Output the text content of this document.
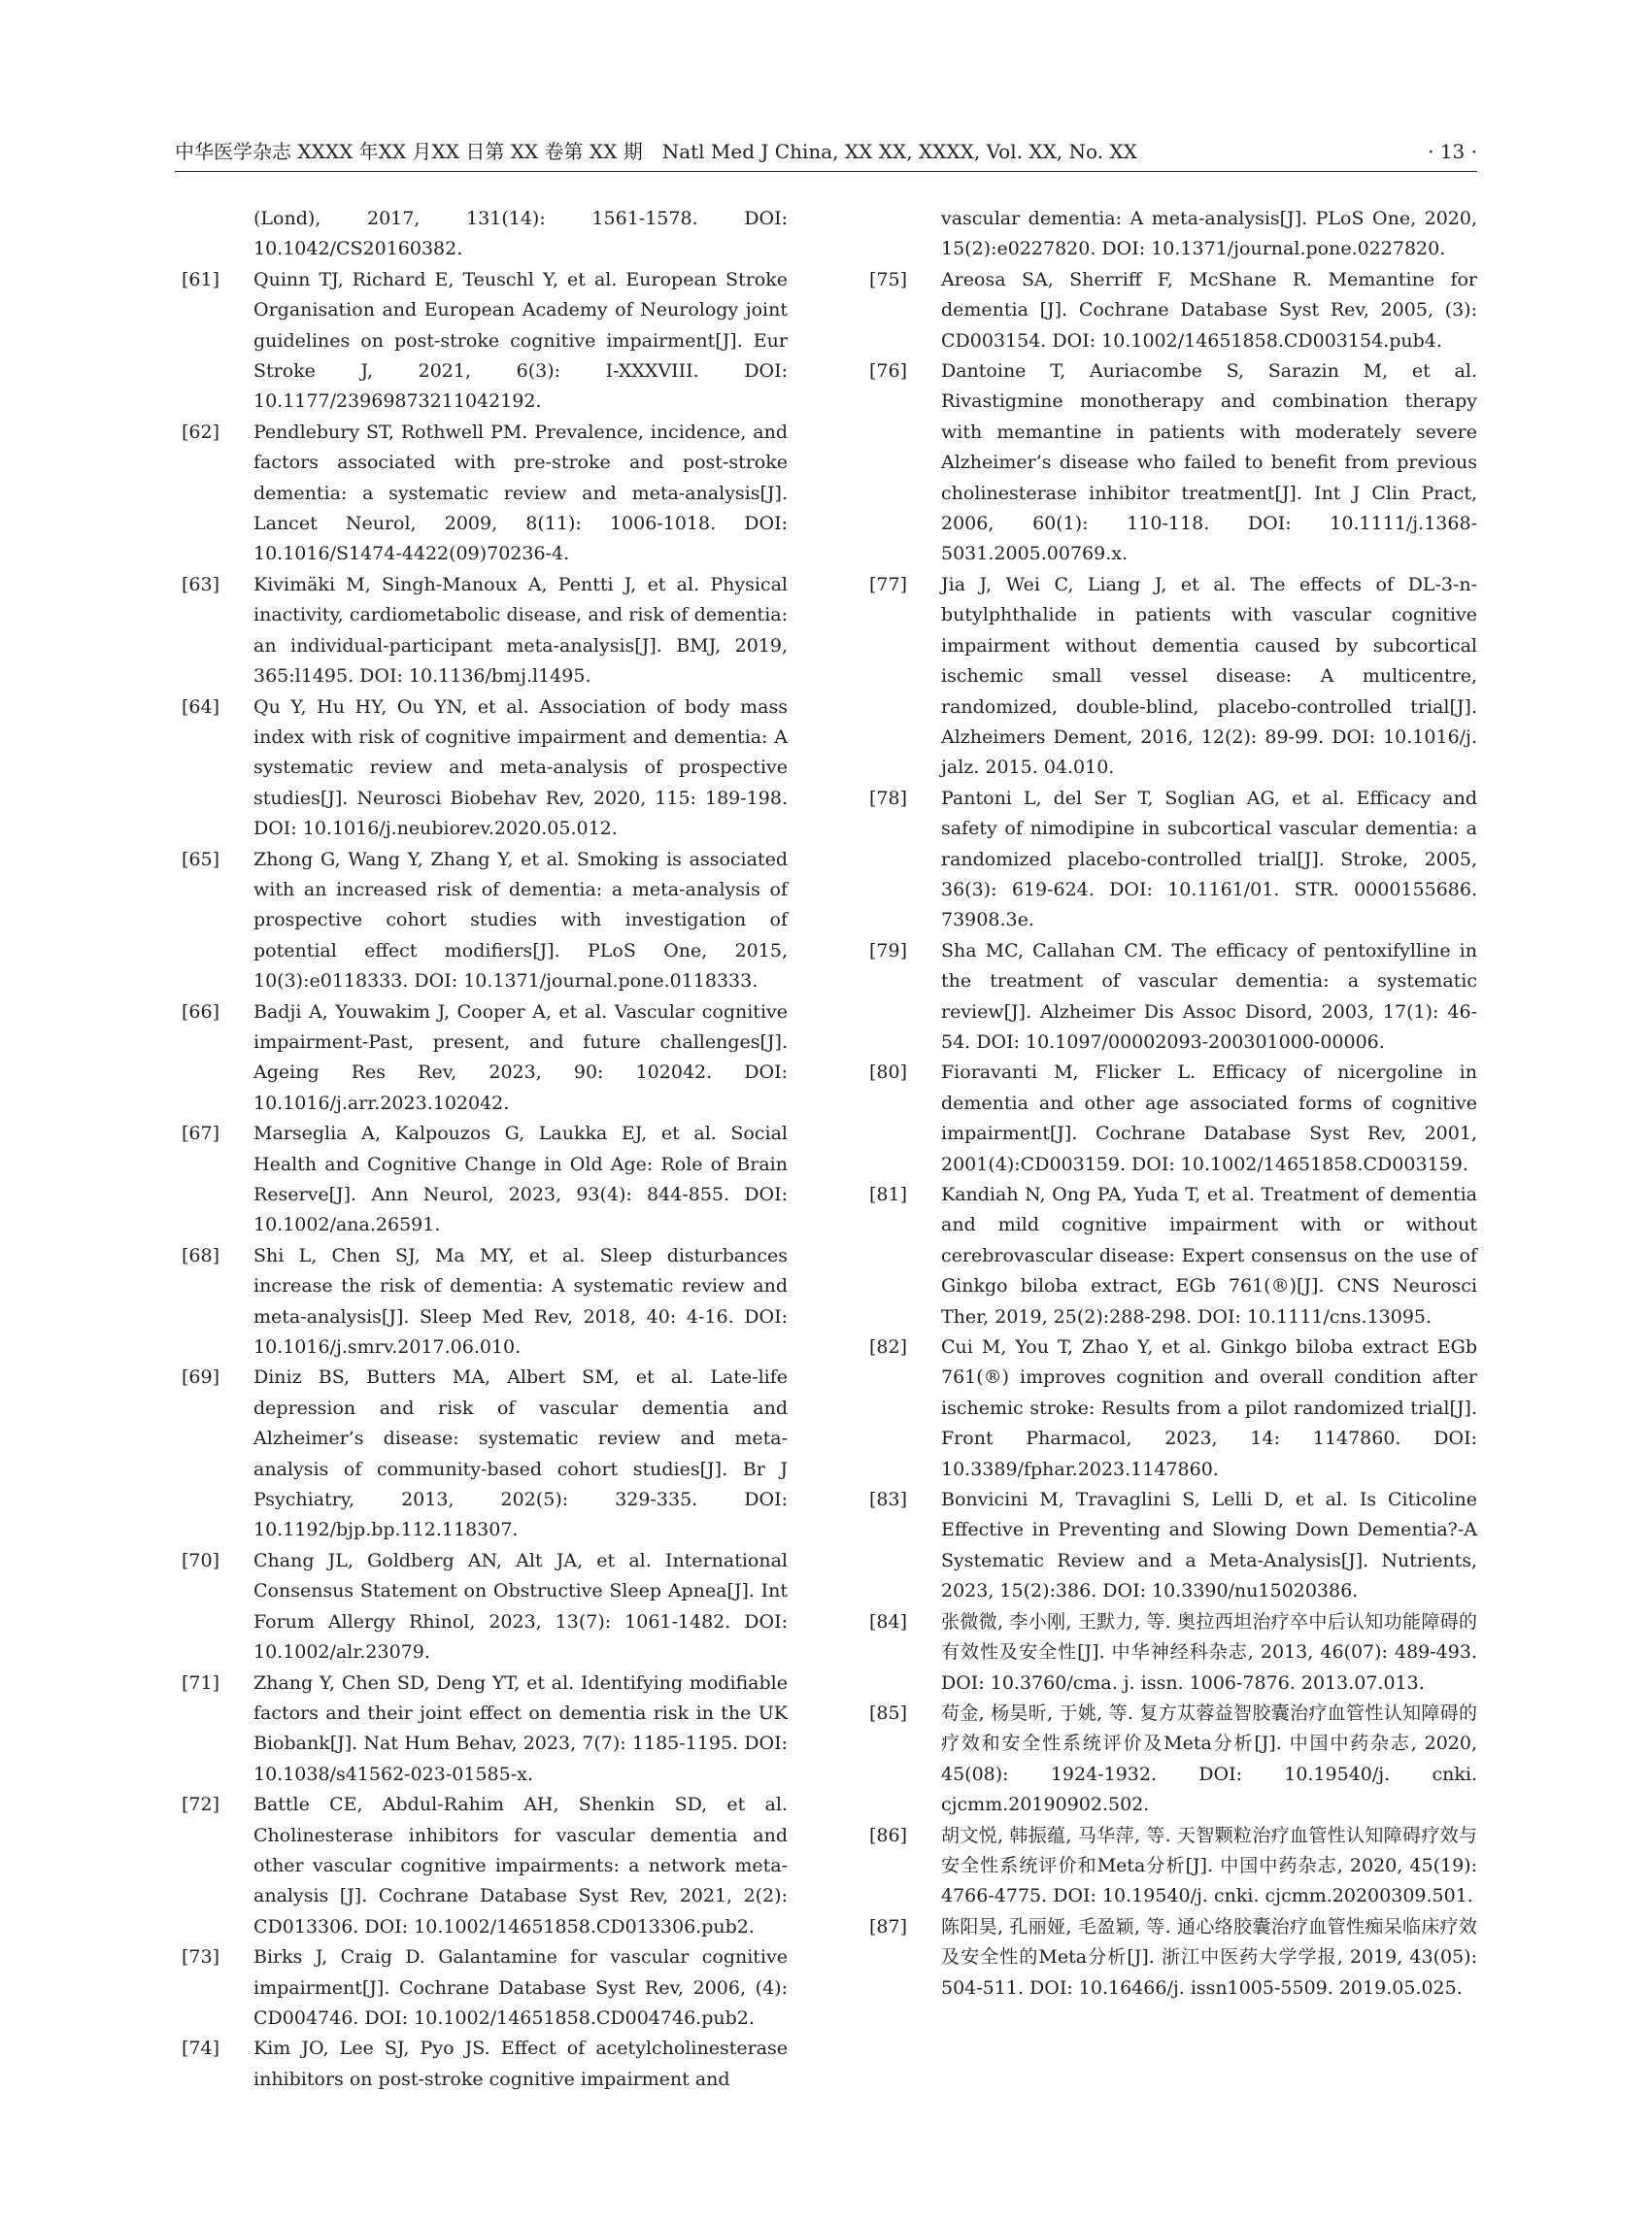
中华医学杂志 XXXX 年XX 月XX 日第 XX 卷第 XX 期　Natl Med J China, XX XX, XXXX, Vol. XX, No. XX	· 13 ·
(Lond), 2017, 131(14): 1561-1578. DOI: 10.1042/CS20160382.
[61] Quinn TJ, Richard E, Teuschl Y, et al. European Stroke Organisation and European Academy of Neurology joint guidelines on post-stroke cognitive impairment[J]. Eur Stroke J, 2021, 6(3): I-XXXVIII. DOI: 10.1177/23969873211042192.
[62] Pendlebury ST, Rothwell PM. Prevalence, incidence, and factors associated with pre-stroke and post-stroke dementia: a systematic review and meta-analysis[J]. Lancet Neurol, 2009, 8(11): 1006-1018. DOI: 10.1016/S1474-4422(09)70236-4.
[63] Kivimäki M, Singh-Manoux A, Pentti J, et al. Physical inactivity, cardiometabolic disease, and risk of dementia: an individual-participant meta-analysis[J]. BMJ, 2019, 365:l1495. DOI: 10.1136/bmj.l1495.
[64] Qu Y, Hu HY, Ou YN, et al. Association of body mass index with risk of cognitive impairment and dementia: A systematic review and meta-analysis of prospective studies[J]. Neurosci Biobehav Rev, 2020, 115: 189-198. DOI: 10.1016/j.neubiorev.2020.05.012.
[65] Zhong G, Wang Y, Zhang Y, et al. Smoking is associated with an increased risk of dementia: a meta-analysis of prospective cohort studies with investigation of potential effect modifiers[J]. PLoS One, 2015, 10(3):e0118333. DOI: 10.1371/journal.pone.0118333.
[66] Badji A, Youwakim J, Cooper A, et al. Vascular cognitive impairment-Past, present, and future challenges[J]. Ageing Res Rev, 2023, 90: 102042. DOI: 10.1016/j.arr.2023.102042.
[67] Marseglia A, Kalpouzos G, Laukka EJ, et al. Social Health and Cognitive Change in Old Age: Role of Brain Reserve[J]. Ann Neurol, 2023, 93(4): 844-855. DOI: 10.1002/ana.26591.
[68] Shi L, Chen SJ, Ma MY, et al. Sleep disturbances increase the risk of dementia: A systematic review and meta-analysis[J]. Sleep Med Rev, 2018, 40: 4-16. DOI: 10.1016/j.smrv.2017.06.010.
[69] Diniz BS, Butters MA, Albert SM, et al. Late-life depression and risk of vascular dementia and Alzheimer’s disease: systematic review and meta-analysis of community-based cohort studies[J]. Br J Psychiatry, 2013, 202(5): 329-335. DOI: 10.1192/bjp.bp.112.118307.
[70] Chang JL, Goldberg AN, Alt JA, et al. International Consensus Statement on Obstructive Sleep Apnea[J]. Int Forum Allergy Rhinol, 2023, 13(7): 1061-1482. DOI: 10.1002/alr.23079.
[71] Zhang Y, Chen SD, Deng YT, et al. Identifying modifiable factors and their joint effect on dementia risk in the UK Biobank[J]. Nat Hum Behav, 2023, 7(7): 1185-1195. DOI: 10.1038/s41562-023-01585-x.
[72] Battle CE, Abdul-Rahim AH, Shenkin SD, et al. Cholinesterase inhibitors for vascular dementia and other vascular cognitive impairments: a network meta-analysis [J]. Cochrane Database Syst Rev, 2021, 2(2): CD013306. DOI: 10.1002/14651858.CD013306.pub2.
[73] Birks J, Craig D. Galantamine for vascular cognitive impairment[J]. Cochrane Database Syst Rev, 2006, (4): CD004746. DOI: 10.1002/14651858.CD004746.pub2.
[74] Kim JO, Lee SJ, Pyo JS. Effect of acetylcholinesterase inhibitors on post-stroke cognitive impairment and
vascular dementia: A meta-analysis[J]. PLoS One, 2020, 15(2):e0227820. DOI: 10.1371/journal.pone.0227820.
[75] Areosa SA, Sherriff F, McShane R. Memantine for dementia [J]. Cochrane Database Syst Rev, 2005, (3): CD003154. DOI: 10.1002/14651858.CD003154.pub4.
[76] Dantoine T, Auriacombe S, Sarazin M, et al. Rivastigmine monotherapy and combination therapy with memantine in patients with moderately severe Alzheimer’s disease who failed to benefit from previous cholinesterase inhibitor treatment[J]. Int J Clin Pract, 2006, 60(1): 110-118. DOI: 10.1111/j.1368-5031.2005.00769.x.
[77] Jia J, Wei C, Liang J, et al. The effects of DL-3-n-butylphthalide in patients with vascular cognitive impairment without dementia caused by subcortical ischemic small vessel disease: A multicentre, randomized, double-blind, placebo-controlled trial[J]. Alzheimers Dement, 2016, 12(2): 89-99. DOI: 10.1016/j. jalz. 2015. 04.010.
[78] Pantoni L, del Ser T, Soglian AG, et al. Efficacy and safety of nimodipine in subcortical vascular dementia: a randomized placebo-controlled trial[J]. Stroke, 2005, 36(3): 619-624. DOI: 10.1161/01. STR. 0000155686. 73908.3e.
[79] Sha MC, Callahan CM. The efficacy of pentoxifylline in the treatment of vascular dementia: a systematic review[J]. Alzheimer Dis Assoc Disord, 2003, 17(1): 46-54. DOI: 10.1097/00002093-200301000-00006.
[80] Fioravanti M, Flicker L. Efficacy of nicergoline in dementia and other age associated forms of cognitive impairment[J]. Cochrane Database Syst Rev, 2001, 2001(4):CD003159. DOI: 10.1002/14651858.CD003159.
[81] Kandiah N, Ong PA, Yuda T, et al. Treatment of dementia and mild cognitive impairment with or without cerebrovascular disease: Expert consensus on the use of Ginkgo biloba extract, EGb 761(®)[J]. CNS Neurosci Ther, 2019, 25(2):288-298. DOI: 10.1111/cns.13095.
[82] Cui M, You T, Zhao Y, et al. Ginkgo biloba extract EGb 761(®) improves cognition and overall condition after ischemic stroke: Results from a pilot randomized trial[J]. Front Pharmacol, 2023, 14: 1147860. DOI: 10.3389/fphar.2023.1147860.
[83] Bonvicini M, Travaglini S, Lelli D, et al. Is Citicoline Effective in Preventing and Slowing Down Dementia?-A Systematic Review and a Meta-Analysis[J]. Nutrients, 2023, 15(2):386. DOI: 10.3390/nu15020386.
[84] 张微微, 李小刚, 王默力, 等. 奥拉西坦治疗卒中后认知功能障碍的有效性及安全性[J]. 中华神经科杂志, 2013, 46(07): 489-493. DOI: 10.3760/cma. j. issn. 1006-7876. 2013.07.013.
[85] 苟金, 杨昊昕, 于姚, 等. 复方苁蓉益智胶囊治疗血管性认知障碍的疗效和安全性系统评价及Meta分析[J]. 中国中药杂志, 2020, 45(08): 1924-1932. DOI: 10.19540/j. cnki. cjcmm.20190902.502.
[86] 胡文悦, 韩振蕴, 马华萍, 等. 天智颗粒治疗血管性认知障碍疗效与安全性系统评价和Meta分析[J]. 中国中药杂志, 2020, 45(19): 4766-4775. DOI: 10.19540/j. cnki. cjcmm.20200309.501.
[87] 陈阳昊, 孔丽娅, 毛盈颖, 等. 通心络胶囊治疗血管性痴呆临床疗效及安全性的Meta分析[J]. 浙江中医药大学学报, 2019, 43(05): 504-511. DOI: 10.16466/j. issn1005-5509. 2019.05.025.
